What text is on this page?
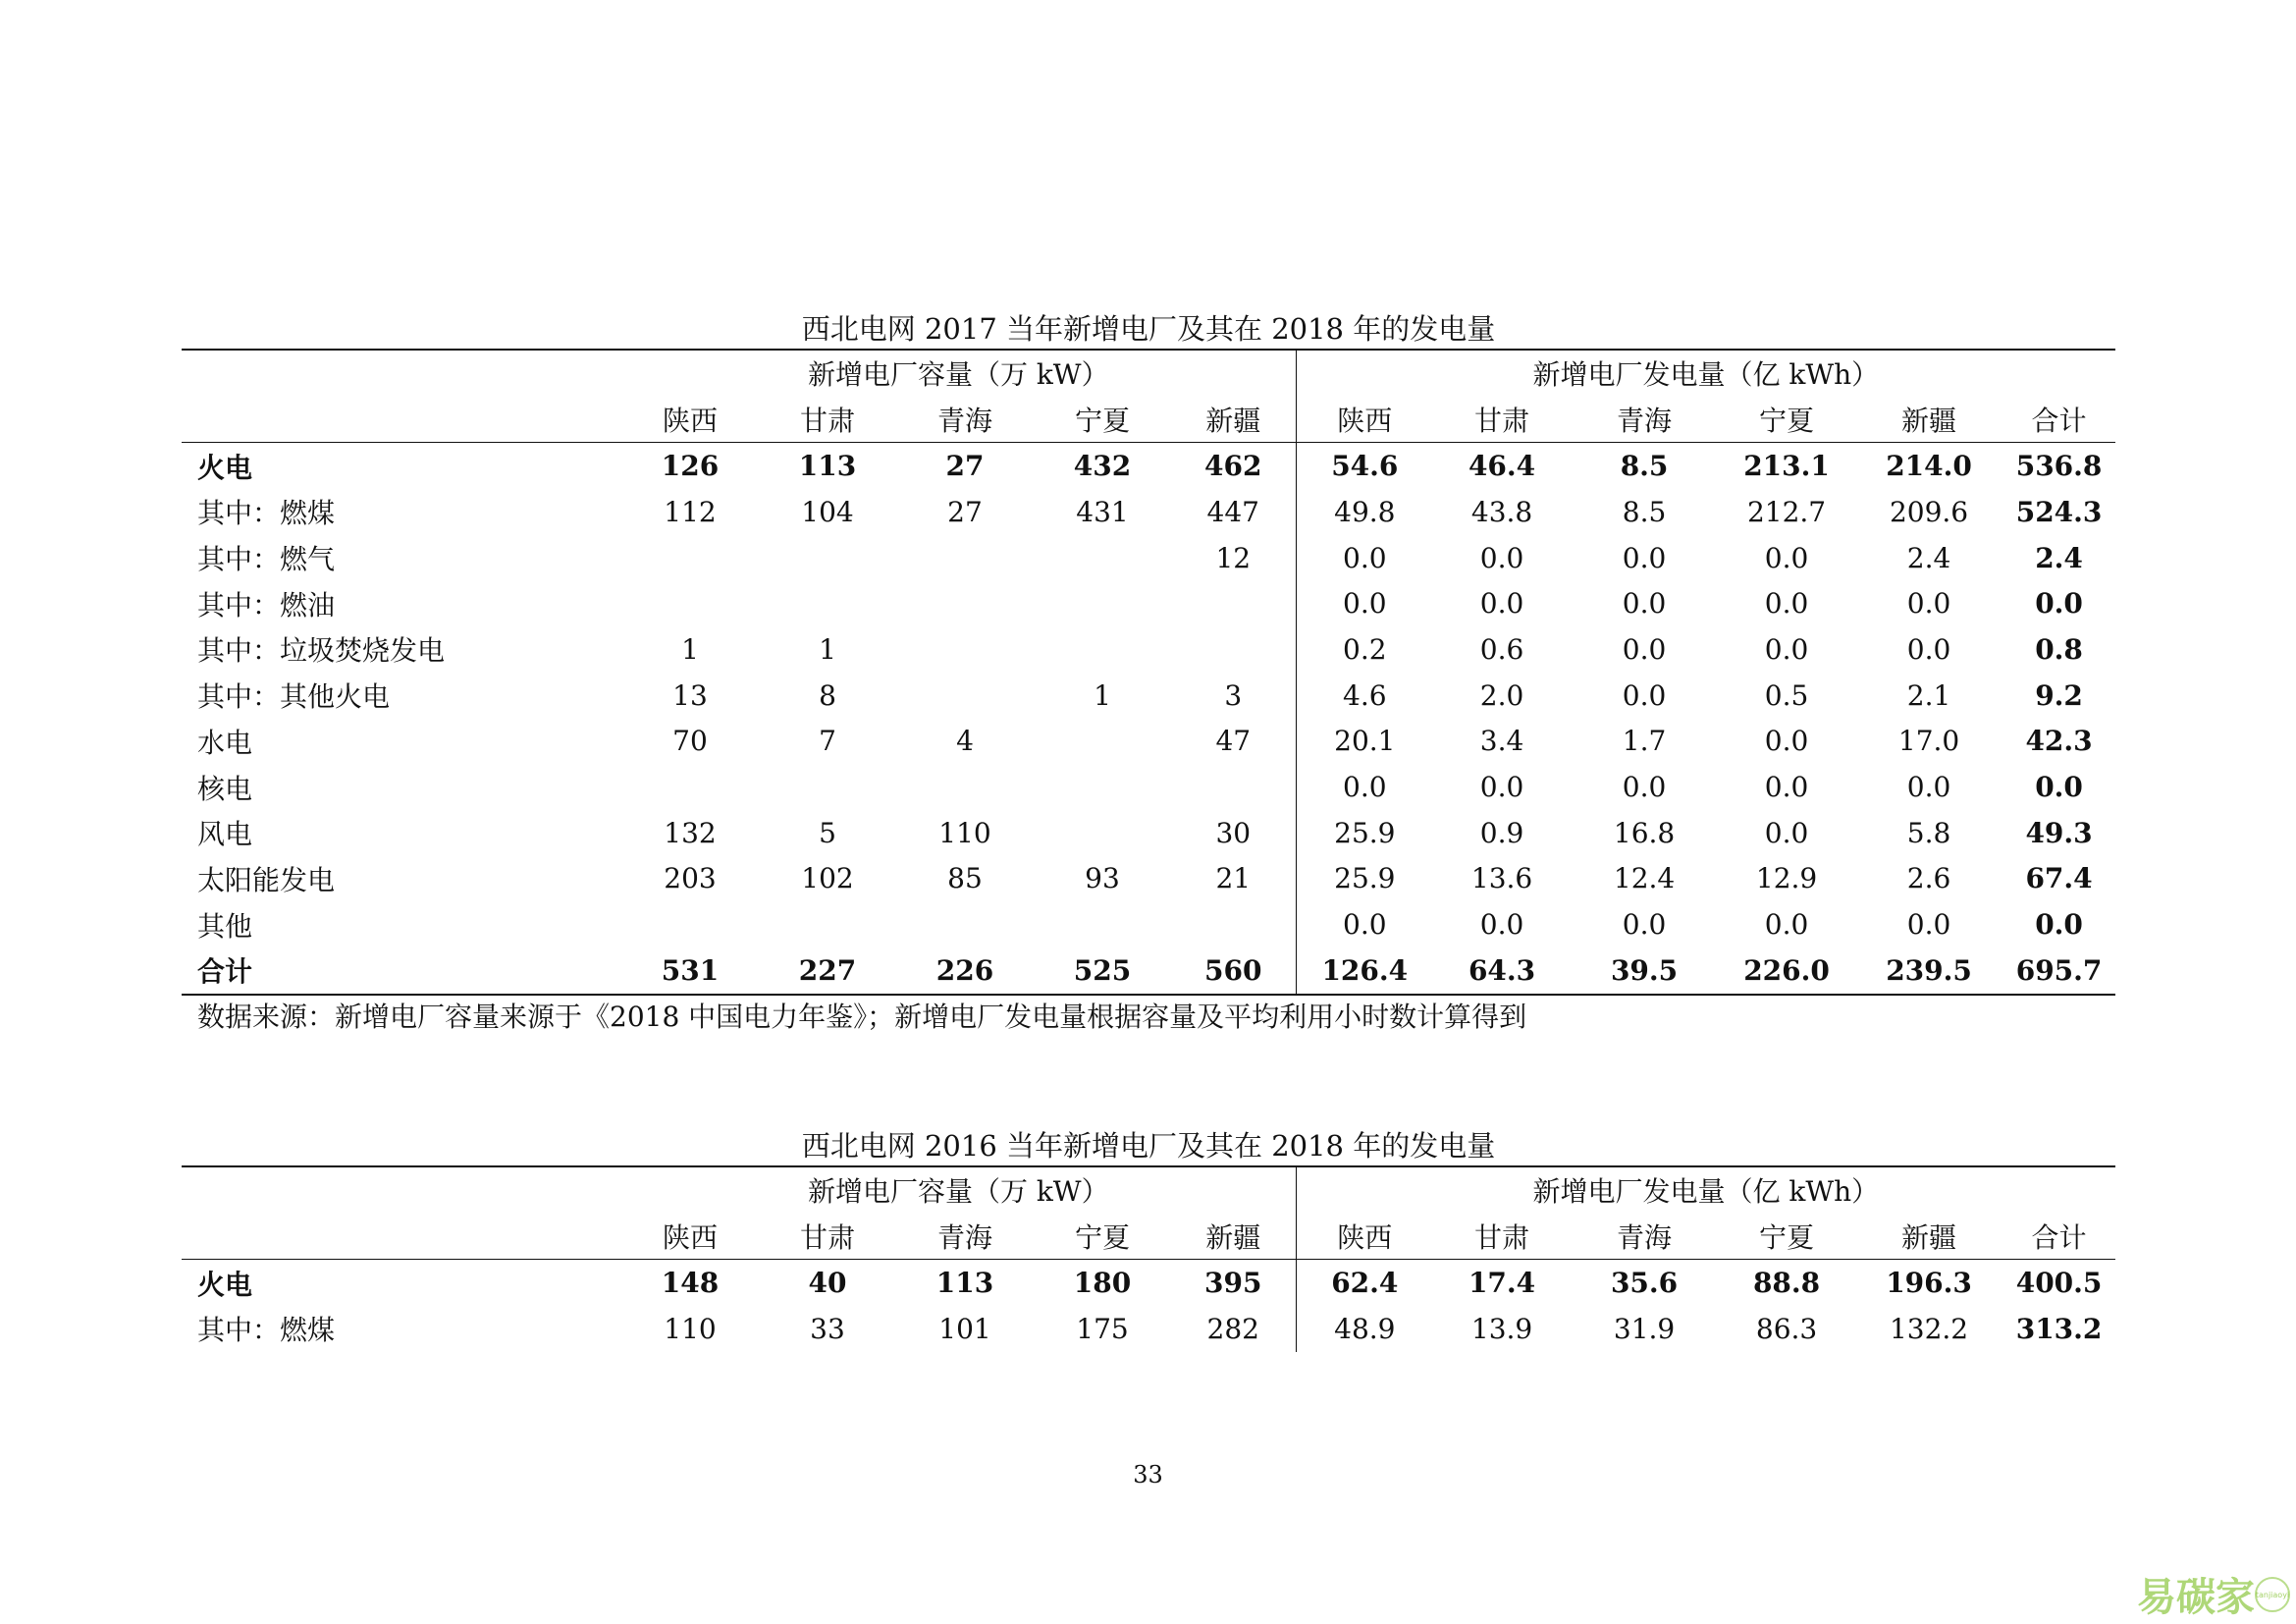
西北电网 2017 当年新增电厂及其在 2018 年的发电量
	新增电厂容量（万 kW）					新增电厂发电量（亿 kWh）					
	陕西	甘肃	青海	宁夏	新疆	陕西	甘肃	青海	宁夏	新疆	合计
火电	126	113	27	432	462	54.6	46.4	8.5	213.1	214.0	536.8
其中：燃煤	112	104	27	431	447	49.8	43.8	8.5	212.7	209.6	524.3
其中：燃气					12	0.0	0.0	0.0	0.0	2.4	2.4
其中：燃油						0.0	0.0	0.0	0.0	0.0	0.0
其中：垃圾焚烧发电	1	1				0.2	0.6	0.0	0.0	0.0	0.8
其中：其他火电	13	8		1	3	4.6	2.0	0.0	0.5	2.1	9.2
水电	70	7	4		47	20.1	3.4	1.7	0.0	17.0	42.3
核电						0.0	0.0	0.0	0.0	0.0	0.0
风电	132	5	110		30	25.9	0.9	16.8	0.0	5.8	49.3
太阳能发电	203	102	85	93	21	25.9	13.6	12.4	12.9	2.6	67.4
其他						0.0	0.0	0.0	0.0	0.0	0.0
合计	531	227	226	525	560	126.4	64.3	39.5	226.0	239.5	695.7
数据来源：新增电厂容量来源于《2018 中国电力年鉴》；新增电厂发电量根据容量及平均利用小时数计算得到
西北电网 2016 当年新增电厂及其在 2018 年的发电量
	新增电厂容量（万 kW）					新增电厂发电量（亿 kWh）					
	陕西	甘肃	青海	宁夏	新疆	陕西	甘肃	青海	宁夏	新疆	合计
火电	148	40	113	180	395	62.4	17.4	35.6	88.8	196.3	400.5
其中：燃煤	110	33	101	175	282	48.9	13.9	31.9	86.3	132.2	313.2
33
易碳家 tanjiaoyi
